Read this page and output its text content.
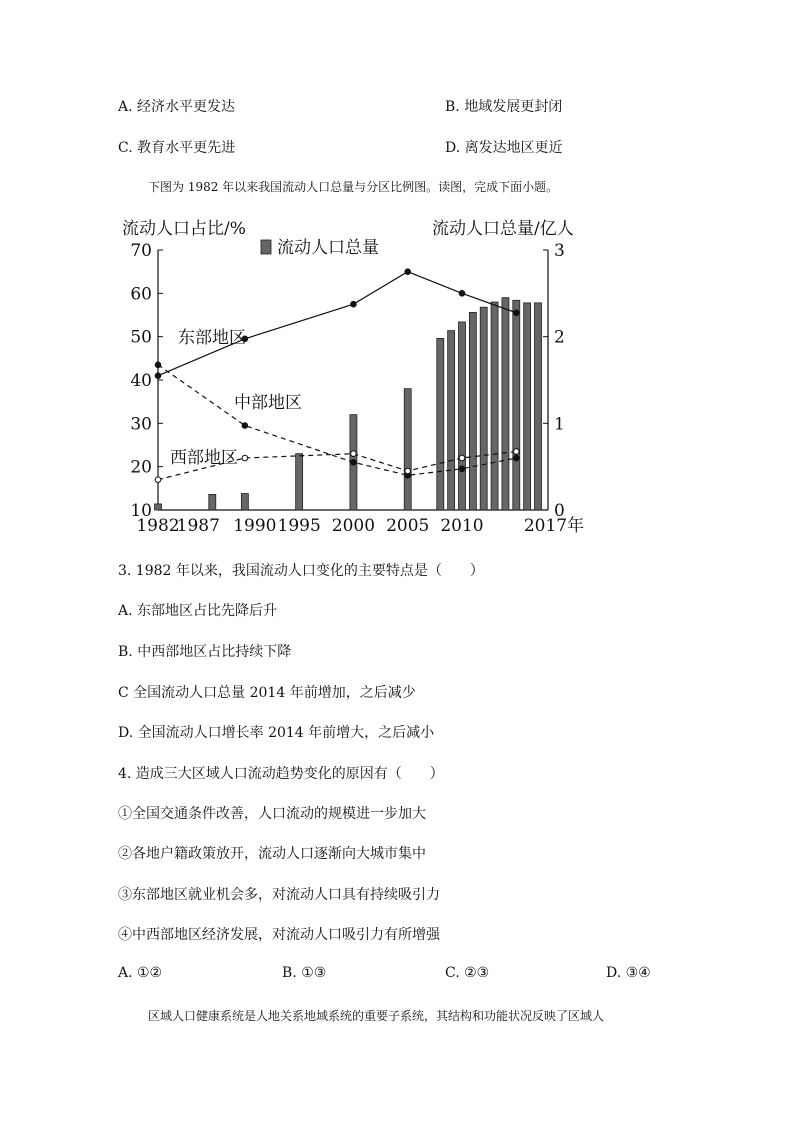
A. 经济水平更发达	B. 地域发展更封闭
C. 教育水平更先进	D. 离发达地区更近
下图为 1982 年以来我国流动人口总量与分区比例图。读图，完成下面小题。
流动人口占比/%	流动人口总量/亿人
流动人口总量
10
20
30
40
50
60
70
0
1
2
3
1982
1987 1990 1995 2000 2005 2010 2017年
东部地区
中部地区
西部地区
3. 1982 年以来，我国流动人口变化的主要特点是（　　）
A. 东部地区占比先降后升
B. 中西部地区占比持续下降
C 全国流动人口总量 2014 年前增加，之后减少
D. 全国流动人口增长率 2014 年前增大，之后减小
4. 造成三大区域人口流动趋势变化的原因有（　　）
①全国交通条件改善，人口流动的规模进一步加大
②各地户籍政策放开，流动人口逐渐向大城市集中
③东部地区就业机会多，对流动人口具有持续吸引力
④中西部地区经济发展，对流动人口吸引力有所增强
A. ①②	B. ①③	C. ②③	D. ③④
区域人口健康系统是人地关系地域系统的重要子系统，其结构和功能状况反映了区域人
